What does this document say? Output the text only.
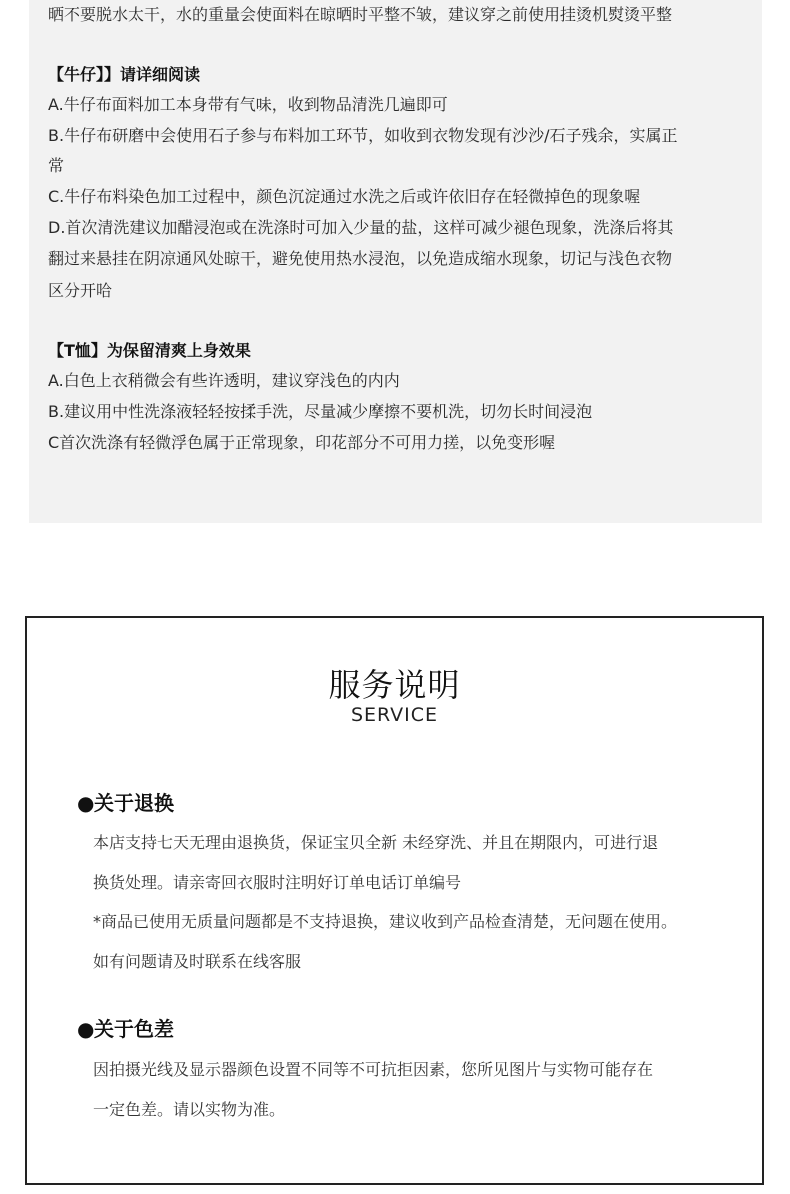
晒不要脱水太干，水的重量会使面料在晾晒时平整不皱，建议穿之前使用挂烫机熨烫平整
【牛仔】】请详细阅读
A.牛仔布面料加工本身带有气味，收到物品清洗几遍即可
B.牛仔布研磨中会使用石子参与布料加工环节，如收到衣物发现有沙沙/石子残余，实属正
常
C.牛仔布料染色加工过程中，颜色沉淀通过水洗之后或许依旧存在轻微掉色的现象喔
D.首次清洗建议加醋浸泡或在洗涤时可加入少量的盐，这样可减少褪色现象，洗涤后将其
翻过来悬挂在阴凉通风处晾干，避免使用热水浸泡，以免造成缩水现象，切记与浅色衣物
区分开哈
【T恤】为保留清爽上身效果
A.白色上衣稍微会有些许透明，建议穿浅色的内内
B.建议用中性洗涤液轻轻按揉手洗，尽量减少摩擦不要机洗，切勿长时间浸泡
C首次洗涤有轻微浮色属于正常现象，印花部分不可用力搓，以免变形喔
服务说明
SERVICE
●关于退换
本店支持七天无理由退换货，保证宝贝全新 未经穿洗、并且在期限内，可进行退
换货处理。请亲寄回衣服时注明好订单电话订单编号
*商品已使用无质量问题都是不支持退换，建议收到产品检查清楚，无问题在使用。
如有问题请及时联系在线客服
●关于色差
因拍摄光线及显示器颜色设置不同等不可抗拒因素，您所见图片与实物可能存在
一定色差。请以实物为准。
